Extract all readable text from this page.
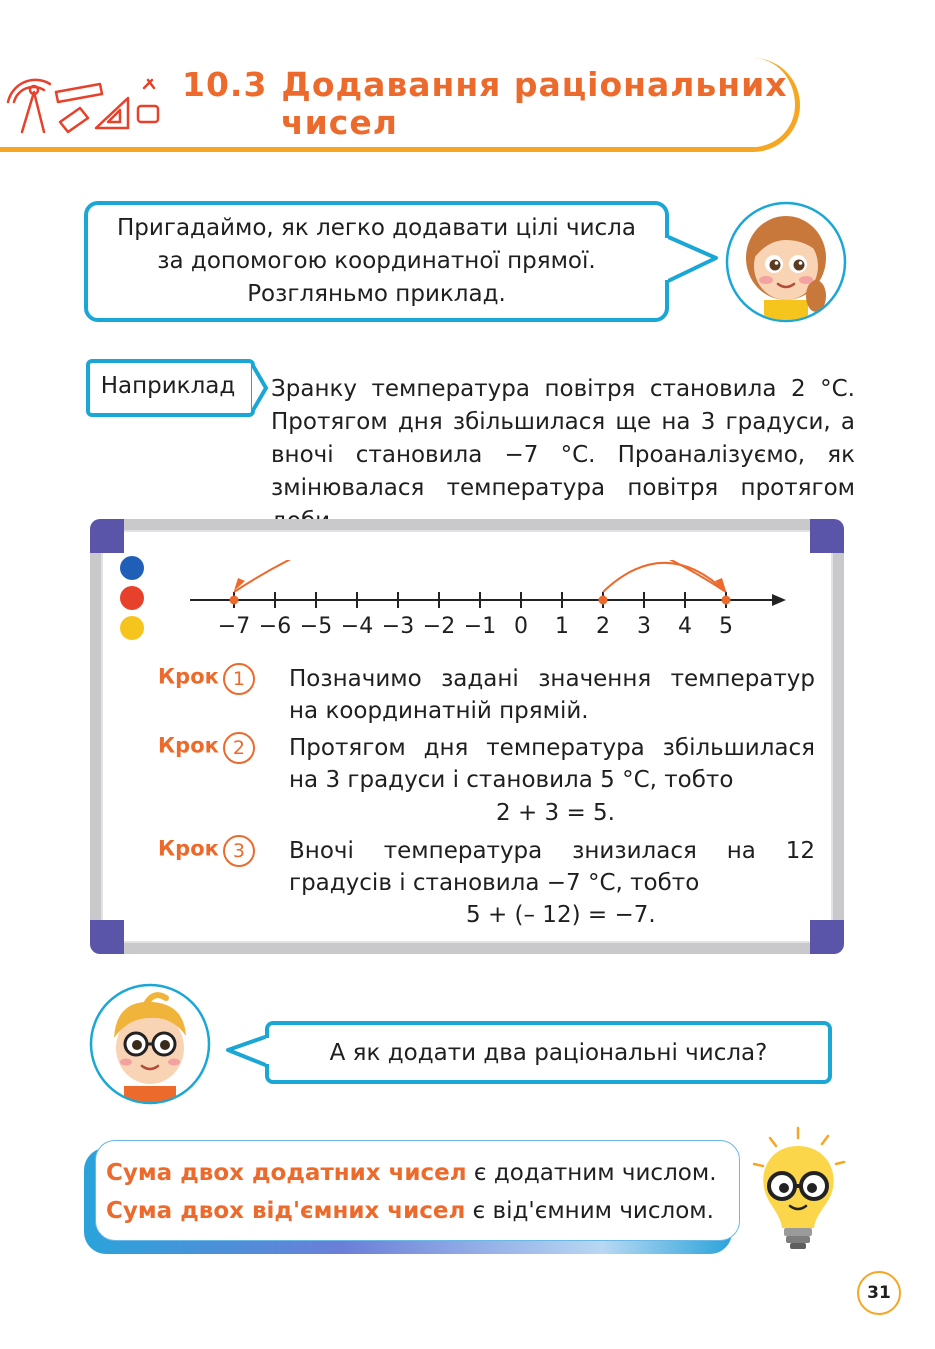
10.3 Додавання раціональних
чисел
Пригадаймо, як легко додавати цілі числа
за допомогою координатної прямої.
Розгляньмо приклад.
Наприклад	Зранку температура повітря становила 2 °С. Протягом дня збільшилася ще на 3 градуси, а вночі становила −7 °С. Проаналізуємо, як змінювалася температура повітря протягом
−7 −6 −5 −4 −3 −2 −1 0 1 2 3 4 5
Крок 1	Позначимо задані значення температур на координатній прямій.
Крок 2	Протягом дня температура збільшилася на 3 градуси і становила 5 °С, тобто
2 + 3 = 5.
Крок 3	Вночі температура знизилася на 12 градусів і становила −7 °С, тобто
5 + (– 12) = −7.
А як додати два раціональні числа?
Сума двох додатних чисел є додатним числом.
Сума двох від'ємних чисел є від'ємним числом.
31
